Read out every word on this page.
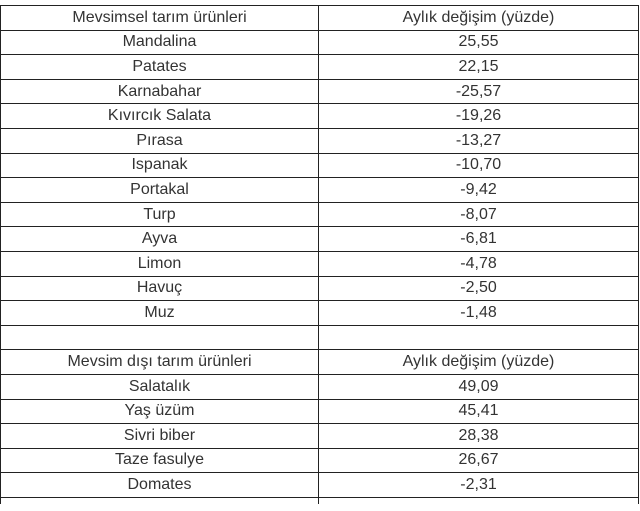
Mevsimsel tarım ürünleri	Aylık değişim (yüzde)
Mandalina	25,55
Patates	22,15
Karnabahar	-25,57
Kıvırcık Salata	-19,26
Pırasa	-13,27
Ispanak	-10,70
Portakal	-9,42
Turp	-8,07
Ayva	-6,81
Limon	-4,78
Havuç	-2,50
Muz	-1,48

Mevsim dışı tarım ürünleri	Aylık değişim (yüzde)
Salatalık	49,09
Yaş üzüm	45,41
Sivri biber	28,38
Taze fasulye	26,67
Domates	-2,31
